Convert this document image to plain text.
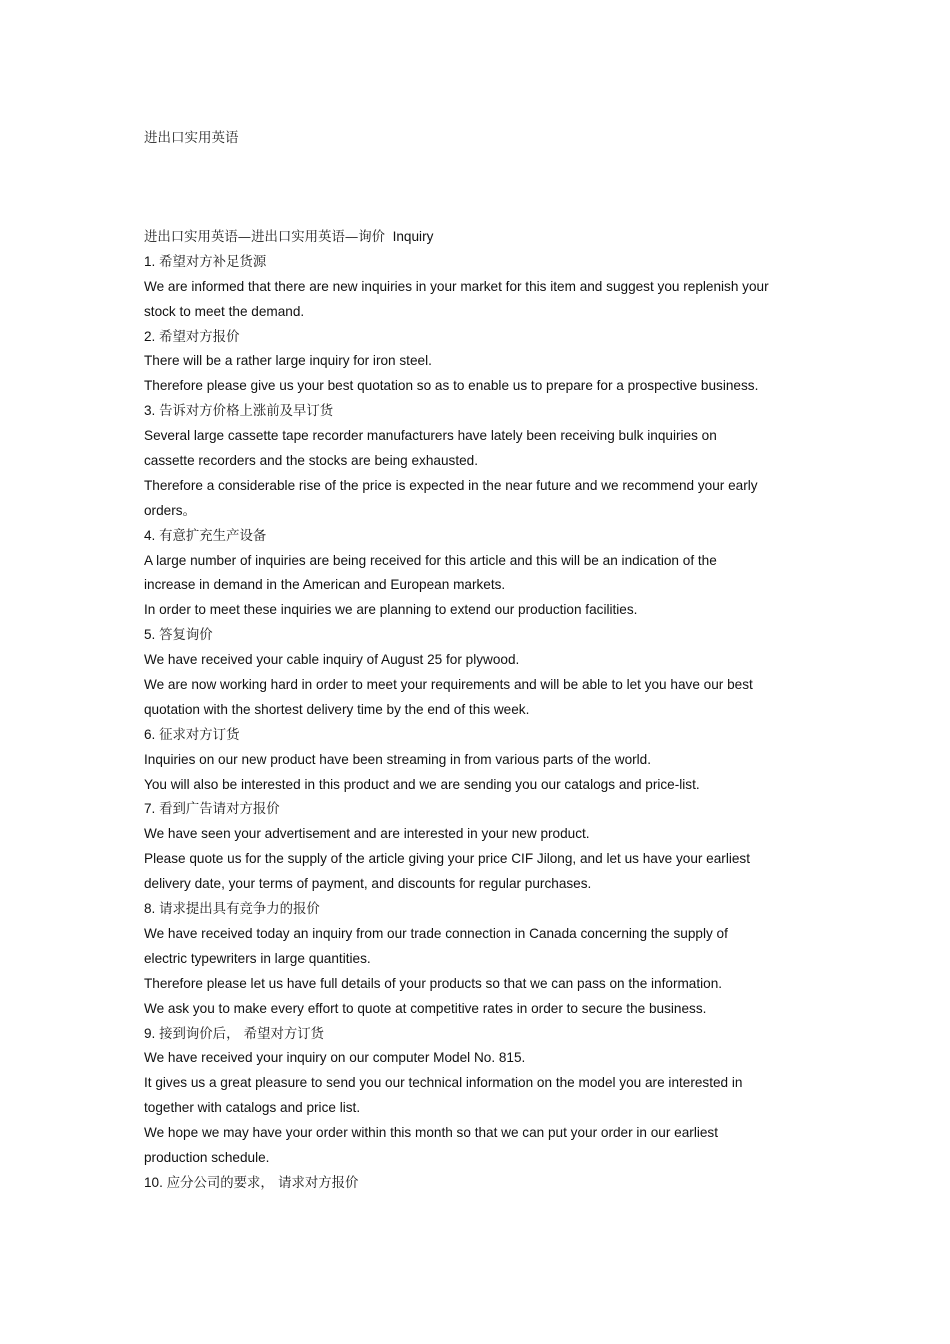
进出口实用英语
进出口实用英语—进出口实用英语—询价 Inquiry
1. 希望对方补足货源
We are informed that there are new inquiries in your market for this item and suggest you replenish your
stock to meet the demand.
2. 希望对方报价
There will be a rather large inquiry for iron steel.
Therefore please give us your best quotation so as to enable us to prepare for a prospective business.
3. 告诉对方价格上涨前及早订货
Several large cassette tape recorder manufacturers have lately been receiving bulk inquiries on
cassette recorders and the stocks are being exhausted.
Therefore a considerable rise of the price is expected in the near future and we recommend your early
orders。
4. 有意扩充生产设备
A large number of inquiries are being received for this article and this will be an indication of the
increase in demand in the American and European markets.
In order to meet these inquiries we are planning to extend our production facilities.
5. 答复询价
We have received your cable inquiry of August 25 for plywood.
We are now working hard in order to meet your requirements and will be able to let you have our best
quotation with the shortest delivery time by the end of this week.
6. 征求对方订货
Inquiries on our new product have been streaming in from various parts of the world.
You will also be interested in this product and we are sending you our catalogs and price-list.
7. 看到广告请对方报价
We have seen your advertisement and are interested in your new product.
Please quote us for the supply of the article giving your price CIF Jilong, and let us have your earliest
delivery date, your terms of payment, and discounts for regular purchases.
8. 请求提出具有竞争力的报价
We have received today an inquiry from our trade connection in Canada concerning the supply of
electric typewriters in large quantities.
Therefore please let us have full details of your products so that we can pass on the information.
We ask you to make every effort to quote at competitive rates in order to secure the business.
9. 接到询价后， 希望对方订货
We have received your inquiry on our computer Model No. 815.
It gives us a great pleasure to send you our technical information on the model you are interested in
together with catalogs and price list.
We hope we may have your order within this month so that we can put your order in our earliest
production schedule.
10. 应分公司的要求， 请求对方报价
